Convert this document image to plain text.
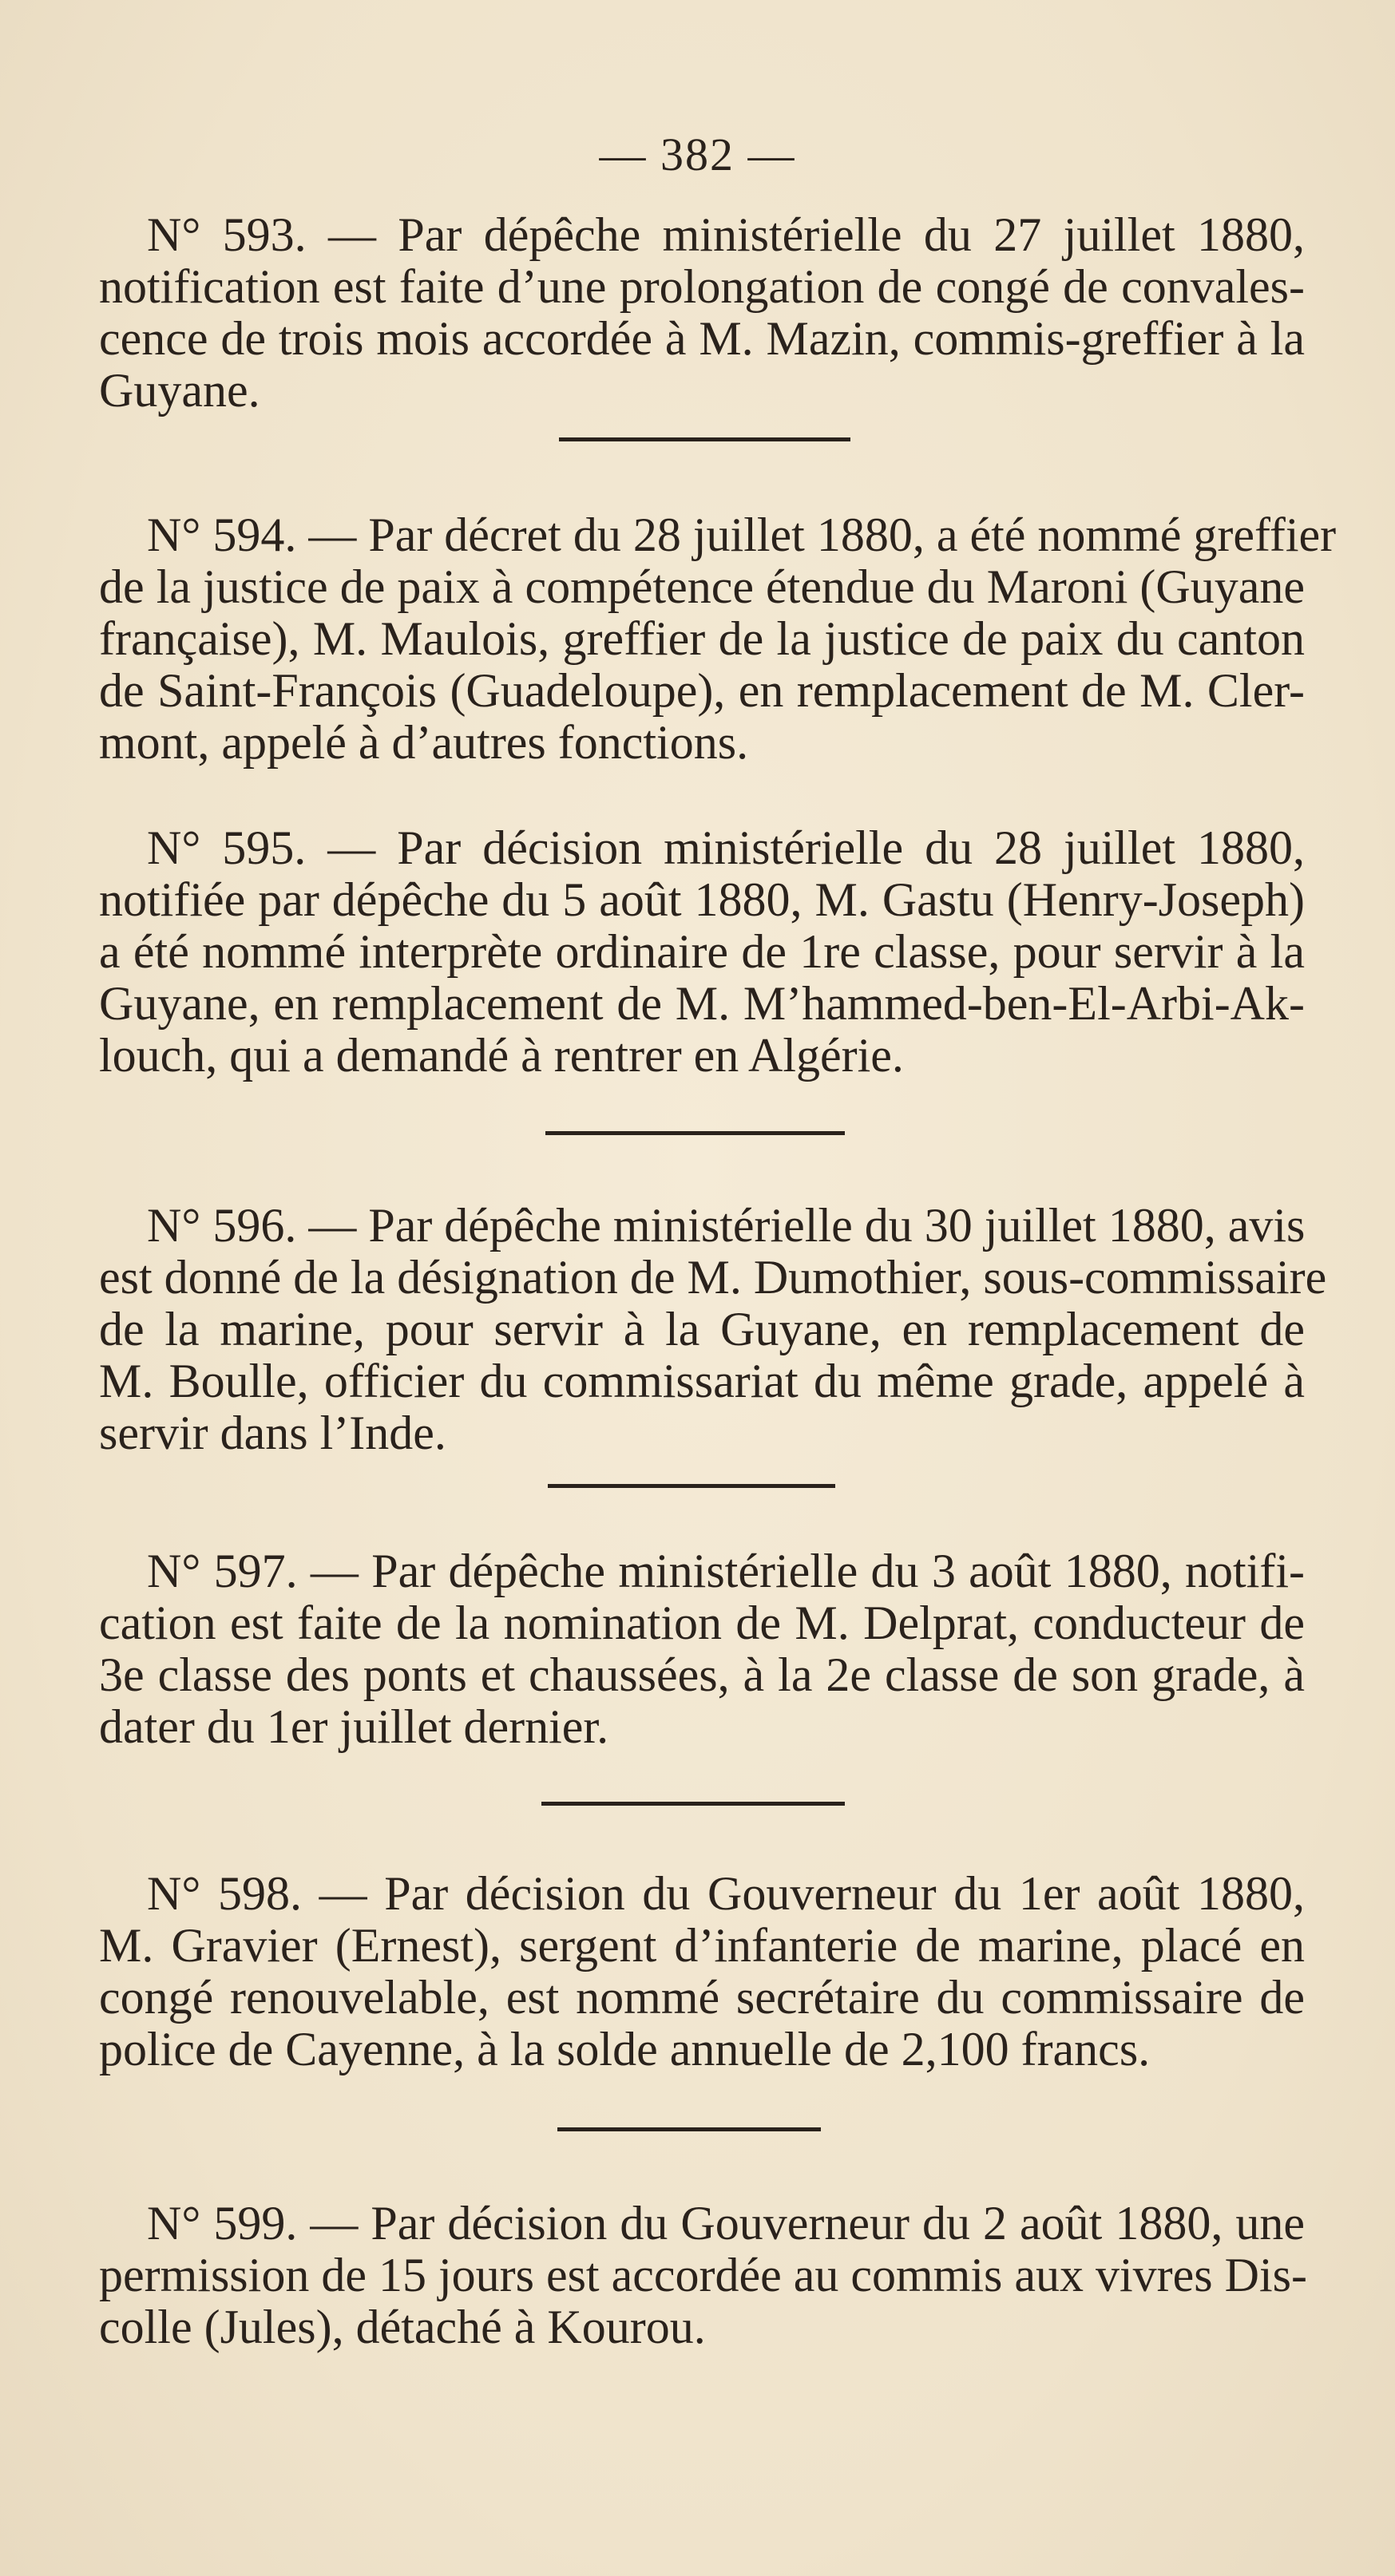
— 382 —
N° 593. — Par dépêche ministérielle du 27 juillet 1880,
notification est faite d’une prolongation de congé de convales-
cence de trois mois accordée à M. Mazin, commis-greffier à la
Guyane.
N° 594. — Par décret du 28 juillet 1880, a été nommé greffier
de la justice de paix à compétence étendue du Maroni (Guyane
française), M. Maulois, greffier de la justice de paix du canton
de Saint-François (Guadeloupe), en remplacement de M. Cler-
mont, appelé à d’autres fonctions.
N° 595. — Par décision ministérielle du 28 juillet 1880,
notifiée par dépêche du 5 août 1880, M. Gastu (Henry-Joseph)
a été nommé interprète ordinaire de 1re classe, pour servir à la
Guyane, en remplacement de M. M’hammed-ben-El-Arbi-Ak-
louch, qui a demandé à rentrer en Algérie.
N° 596. — Par dépêche ministérielle du 30 juillet 1880, avis
est donné de la désignation de M. Dumothier, sous-commissaire
de la marine, pour servir à la Guyane, en remplacement de
M. Boulle, officier du commissariat du même grade, appelé à
servir dans l’Inde.
N° 597. — Par dépêche ministérielle du 3 août 1880, notifi-
cation est faite de la nomination de M. Delprat, conducteur de
3e classe des ponts et chaussées, à la 2e classe de son grade, à
dater du 1er juillet dernier.
N° 598. — Par décision du Gouverneur du 1er août 1880,
M. Gravier (Ernest), sergent d’infanterie de marine, placé en
congé renouvelable, est nommé secrétaire du commissaire de
police de Cayenne, à la solde annuelle de 2,100 francs.
N° 599. — Par décision du Gouverneur du 2 août 1880, une
permission de 15 jours est accordée au commis aux vivres Dis-
colle (Jules), détaché à Kourou.
